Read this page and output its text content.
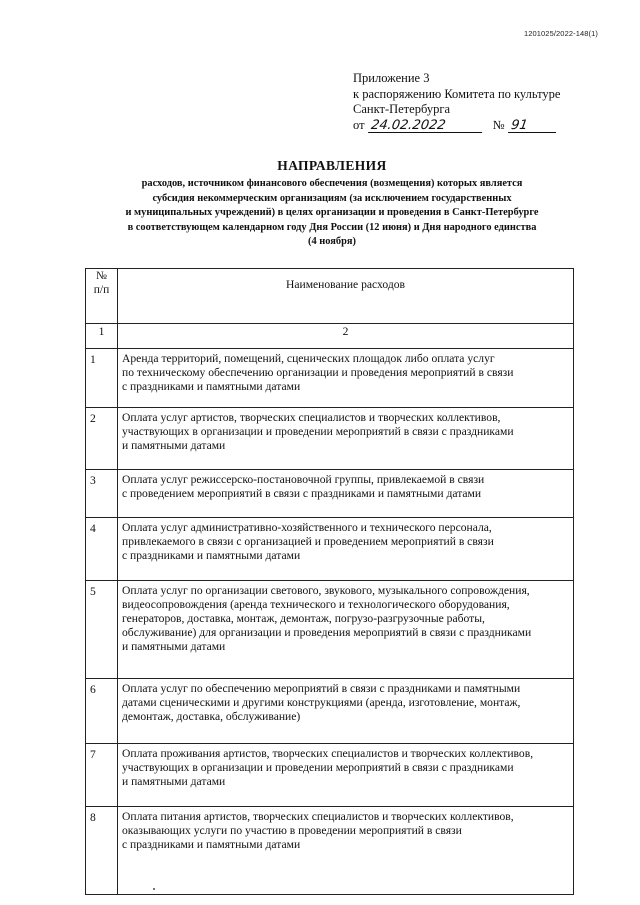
1201025/2022-148(1)
Приложение 3
к распоряжению Комитета по культуре
Санкт-Петербурга
от 24.02.2022	№ 91
НАПРАВЛЕНИЯ
расходов, источником финансового обеспечения (возмещения) которых является
субсидия некоммерческим организациям (за исключением государственных
и муниципальных учреждений) в целях организации и проведения в Санкт-Петербурге
в соответствующем календарном году Дня России (12 июня) и Дня народного единства
(4 ноября)
№
п/п	Наименование расходов
1	2
1	Аренда территорий, помещений, сценических площадок либо оплата услуг
по техническому обеспечению организации и проведения мероприятий в связи
с праздниками и памятными датами

2	Оплата услуг артистов, творческих специалистов и творческих коллективов,
участвующих в организации и проведении мероприятий в связи с праздниками
и памятными датами

3	Оплата услуг режиссерско-постановочной группы, привлекаемой в связи
с проведением мероприятий в связи с праздниками и памятными датами

4	Оплата услуг административно-хозяйственного и технического персонала,
привлекаемого в связи с организацией и проведением мероприятий в связи
с праздниками и памятными датами

5	Оплата услуг по организации светового, звукового, музыкального сопровождения,
видеосопровождения (аренда технического и технологического оборудования,
генераторов, доставка, монтаж, демонтаж, погрузо-разгрузочные работы,
обслуживание) для организации и проведения мероприятий в связи с праздниками
и памятными датами

6	Оплата услуг по обеспечению мероприятий в связи с праздниками и памятными
датами сценическими и другими конструкциями (аренда, изготовление, монтаж,
демонтаж, доставка, обслуживание)

7	Оплата проживания артистов, творческих специалистов и творческих коллективов,
участвующих в организации и проведении мероприятий в связи с праздниками
и памятными датами

8	Оплата питания артистов, творческих специалистов и творческих коллективов,
оказывающих услуги по участию в проведении мероприятий в связи
с праздниками и памятными датами
